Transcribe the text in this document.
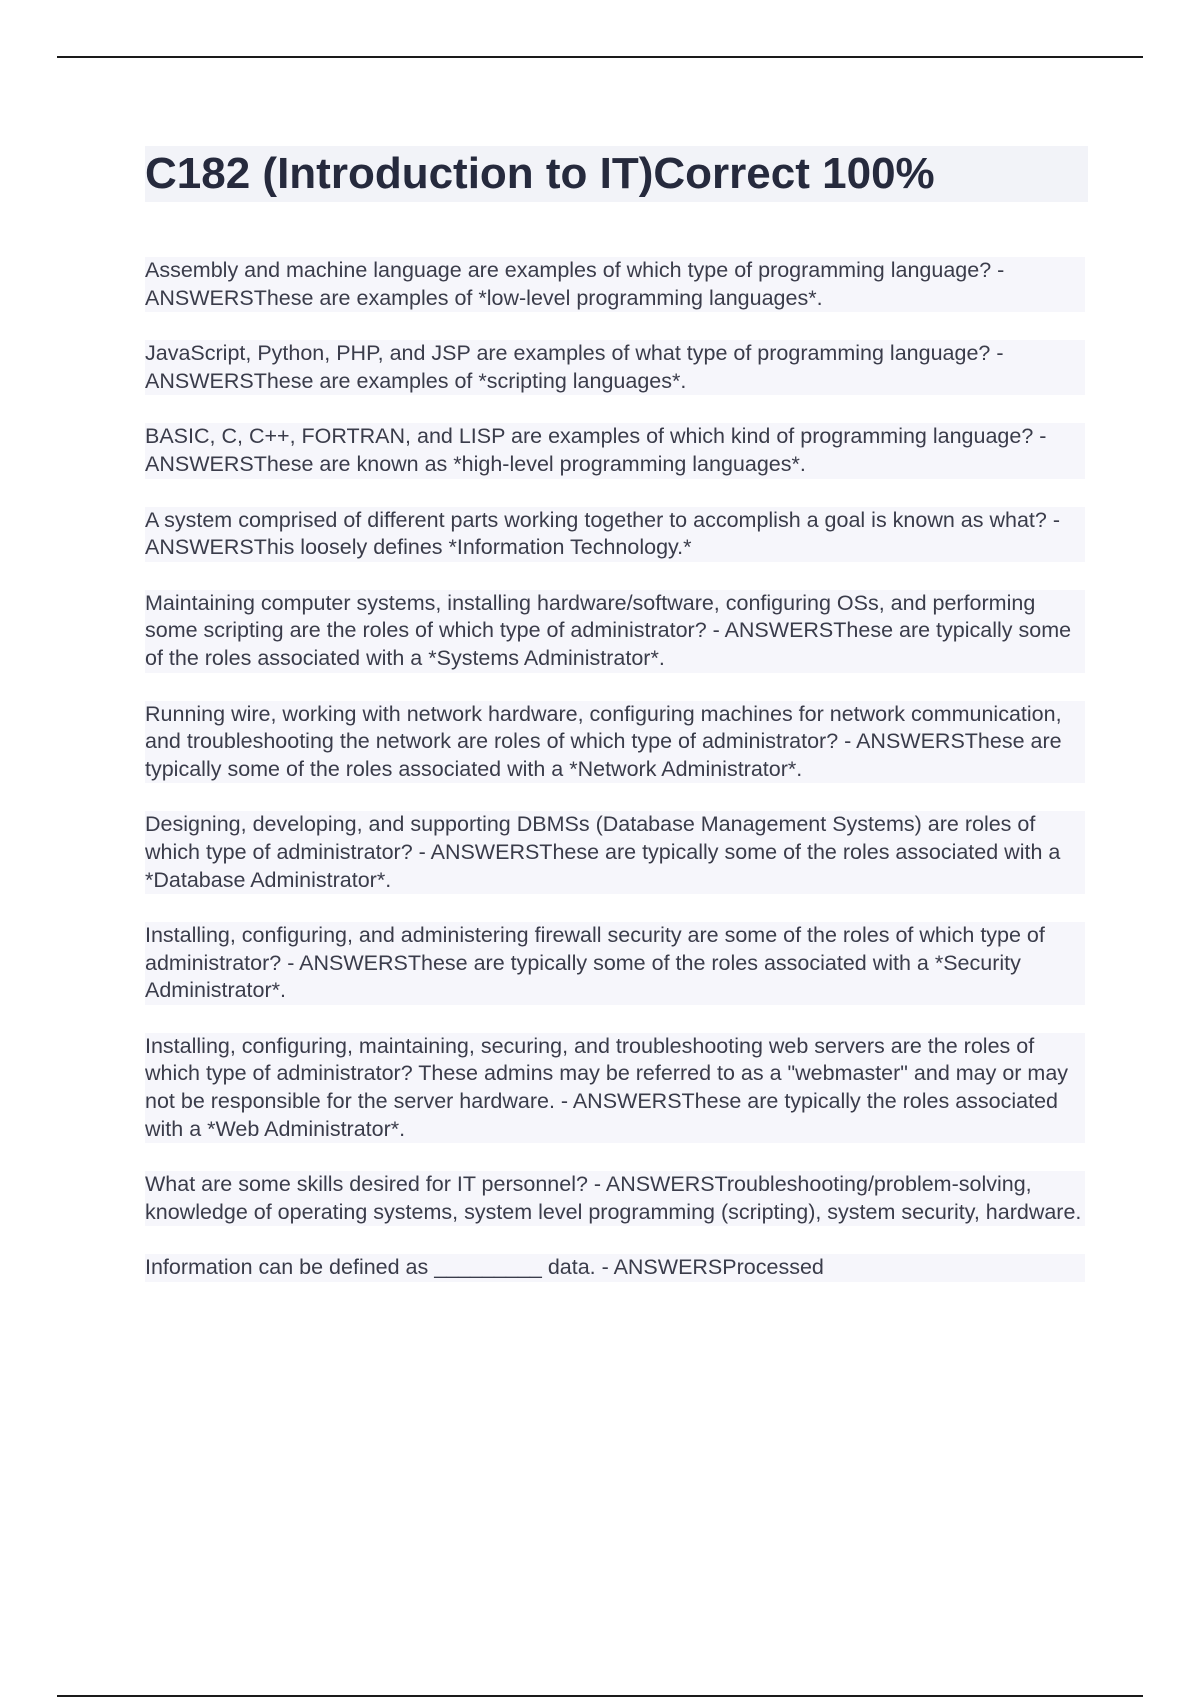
C182 (Introduction to IT)Correct 100%

Assembly and machine language are examples of which type of programming language? - ANSWERSThese are examples of *low-level programming languages*.

JavaScript, Python, PHP, and JSP are examples of what type of programming language? - ANSWERSThese are examples of *scripting languages*.

BASIC, C, C++, FORTRAN, and LISP are examples of which kind of programming language? - ANSWERSThese are known as *high-level programming languages*.

A system comprised of different parts working together to accomplish a goal is known as what? - ANSWERSThis loosely defines *Information Technology.*

Maintaining computer systems, installing hardware/software, configuring OSs, and performing some scripting are the roles of which type of administrator? - ANSWERSThese are typically some of the roles associated with a *Systems Administrator*.

Running wire, working with network hardware, configuring machines for network communication, and troubleshooting the network are roles of which type of administrator? - ANSWERSThese are typically some of the roles associated with a *Network Administrator*.

Designing, developing, and supporting DBMSs (Database Management Systems) are roles of which type of administrator? - ANSWERSThese are typically some of the roles associated with a *Database Administrator*.

Installing, configuring, and administering firewall security are some of the roles of which type of administrator? - ANSWERSThese are typically some of the roles associated with a *Security Administrator*.

Installing, configuring, maintaining, securing, and troubleshooting web servers are the roles of which type of administrator? These admins may be referred to as a "webmaster" and may or may not be responsible for the server hardware. - ANSWERSThese are typically the roles associated with a *Web Administrator*.

What are some skills desired for IT personnel? - ANSWERSTroubleshooting/problem-solving, knowledge of operating systems, system level programming (scripting), system security, hardware.

Information can be defined as _________ data. - ANSWERSProcessed
